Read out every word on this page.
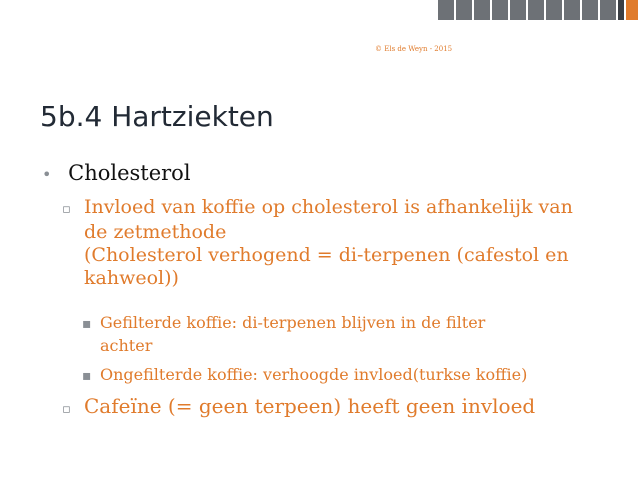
© Els de Weyn - 2015
5b.4 Hartziekten
• Cholesterol
▫ Invloed van koffie op cholesterol is afhankelijk van
de zetmethode
(Cholesterol verhogend = di-terpenen (cafestol en
kahweol))
▪ Gefilterde koffie: di-terpenen blijven in de filter
achter
▪ Ongefilterde koffie: verhoogde invloed(turkse koffie)
▫ Cafeïne (= geen terpeen) heeft geen invloed
